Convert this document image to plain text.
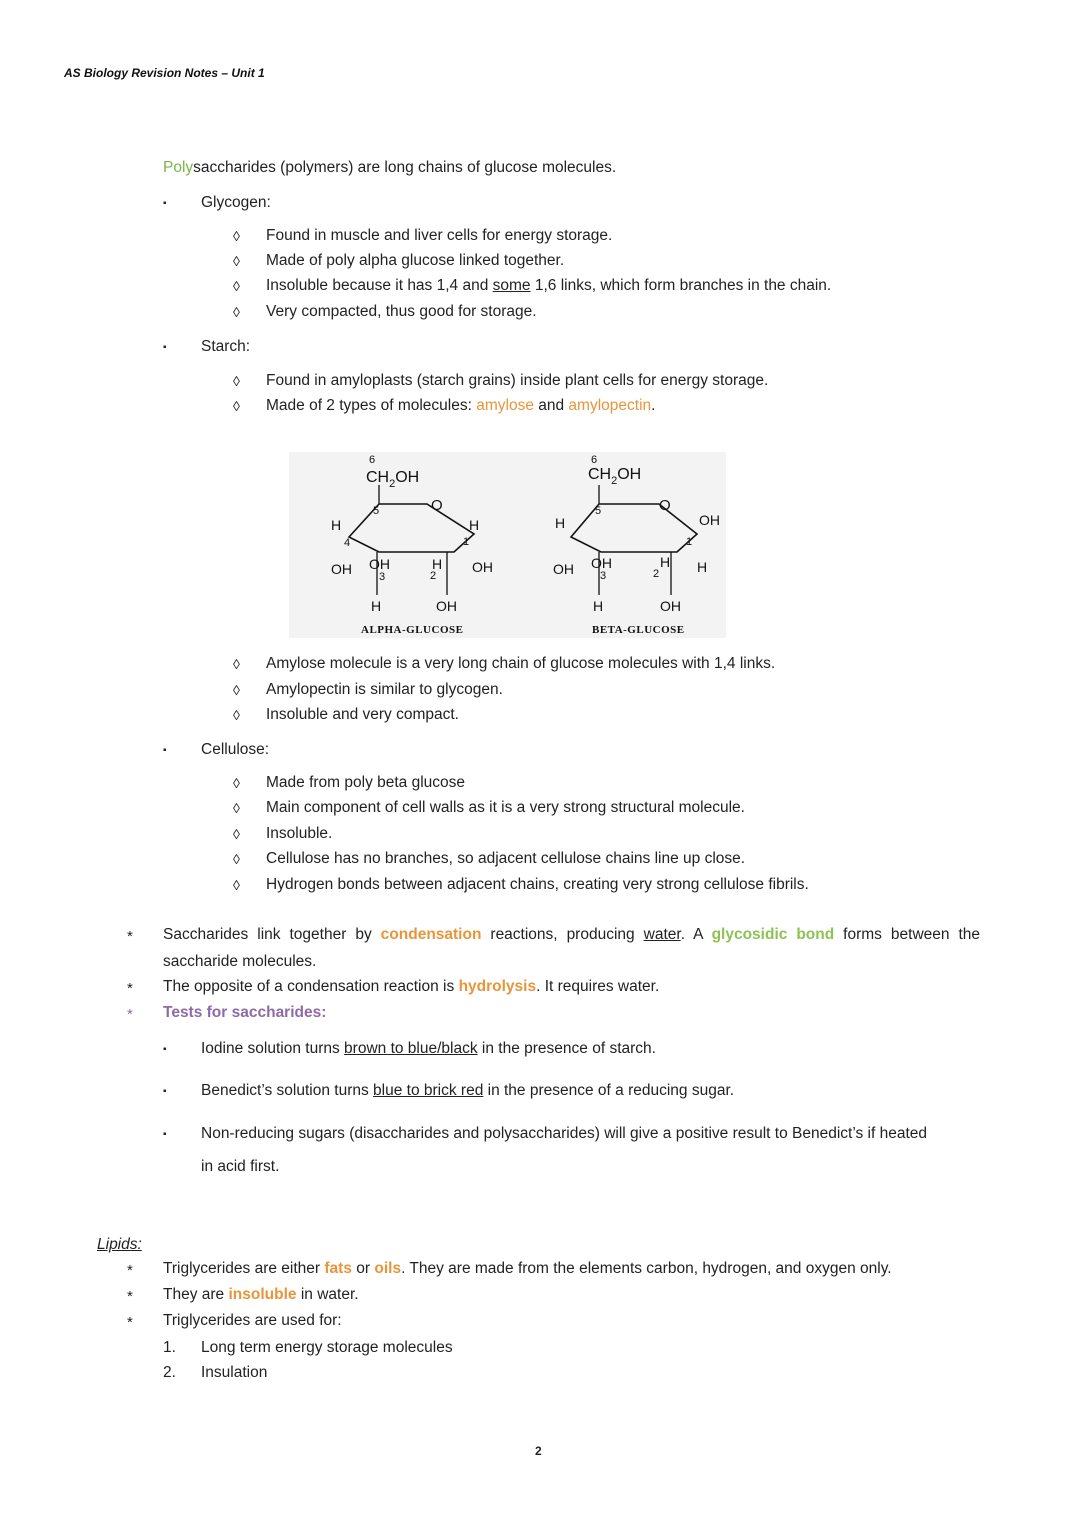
AS Biology Revision Notes – Unit 1
Polysaccharides (polymers) are long chains of glucose molecules.
▪ Glycogen:
◊ Found in muscle and liver cells for energy storage.
◊ Made of poly alpha glucose linked together.
◊ Insoluble because it has 1,4 and some 1,6 links, which form branches in the chain.
◊ Very compacted, thus good for storage.
▪ Starch:
◊ Found in amyloplasts (starch grains) inside plant cells for energy storage.
◊ Made of 2 types of molecules: amylose and amylopectin.
6
$CH_2OH$
O
H
5
4
H
1
OH OH
3
H
2
OH
H	OH
ALPHA-GLUCOSE
6
$CH_2OH$
O
H
5
OH
1
OH OH
3
H
2	H
H	OH
BETA-GLUCOSE
◊ Amylose molecule is a very long chain of glucose molecules with 1,4 links.
◊ Amylopectin is similar to glycogen.
◊ Insoluble and very compact.
▪ Cellulose:
◊ Made from poly beta glucose
◊ Main component of cell walls as it is a very strong structural molecule.
◊ Insoluble.
◊ Cellulose has no branches, so adjacent cellulose chains line up close.
◊ Hydrogen bonds between adjacent chains, creating very strong cellulose fibrils.
* Saccharides link together by condensation reactions, producing water. A glycosidic bond forms between the
saccharide molecules.
* The opposite of a condensation reaction is hydrolysis. It requires water.
* Tests for saccharides:
▪ Iodine solution turns brown to blue/black in the presence of starch.
▪ Benedict’s solution turns blue to brick red in the presence of a reducing sugar.
▪ Non-reducing sugars (disaccharides and polysaccharides) will give a positive result to Benedict’s if heated
in acid first.
Lipids:
* Triglycerides are either fats or oils. They are made from the elements carbon, hydrogen, and oxygen only.
* They are insoluble in water.
* Triglycerides are used for:
1. Long term energy storage molecules
2. Insulation
2
